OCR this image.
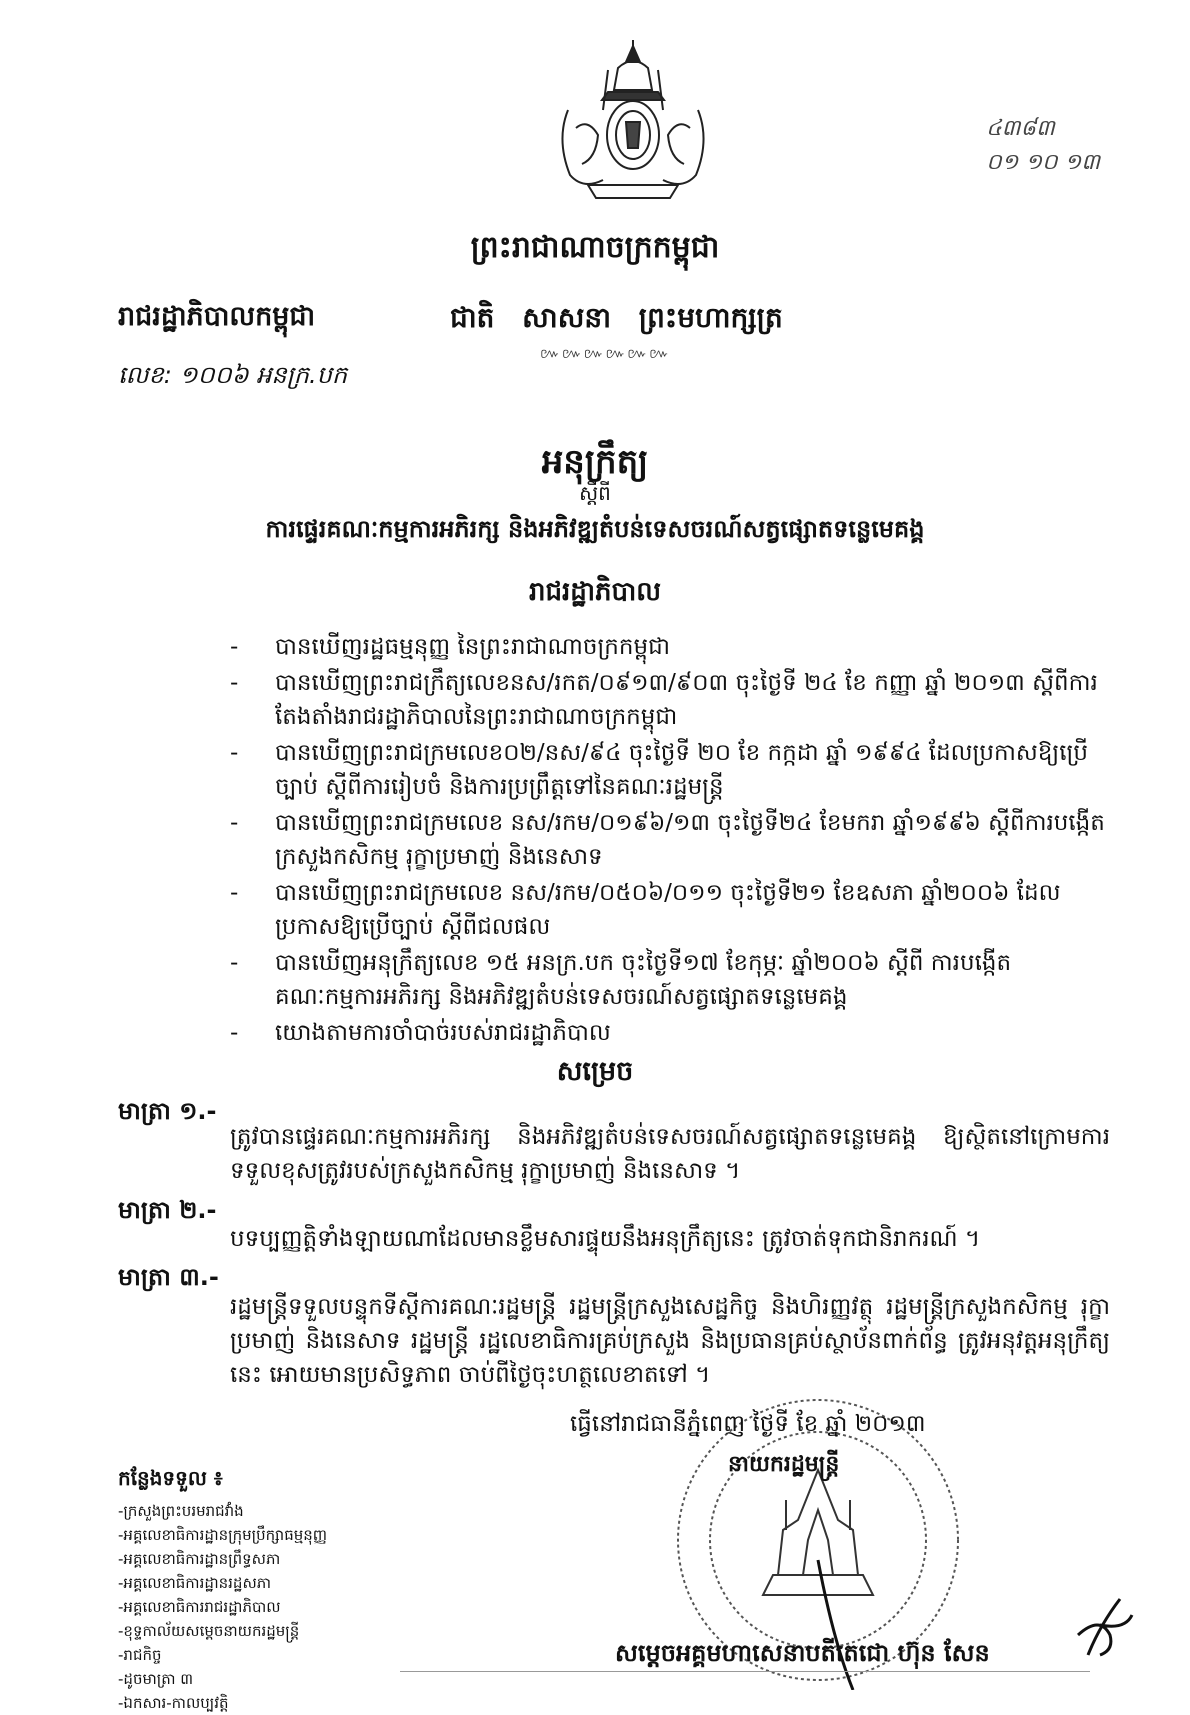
៤៣៨៣
០១ ១០ ១៣
ព្រះរាជាណាចក្រកម្ពុជា
រាជរដ្ឋាភិបាលកម្ពុជា	ជាតិ សាសនា ព្រះមហាក្សត្រ
៚៚៚៚៚៚
លេខ: ១០០៦ អនក្រ.បក
អនុក្រឹត្យ
ស្ដីពី
ការផ្ទេរគណៈកម្មការអភិរក្ស និងអភិវឌ្ឍតំបន់ទេសចរណ៍សត្វផ្សោតទន្លេមេគង្គ
រាជរដ្ឋាភិបាល
- បានឃើញរដ្ឋធម្មនុញ្ញ នៃព្រះរាជាណាចក្រកម្ពុជា
- បានឃើញព្រះរាជក្រឹត្យលេខនស/រកត/០៩១៣/៩០៣ ចុះថ្ងៃទី ២៤ ខែ កញ្ញា ឆ្នាំ ២០១៣ ស្ដីពីការតែងតាំងរាជរដ្ឋាភិបាលនៃព្រះរាជាណាចក្រកម្ពុជា
- បានឃើញព្រះរាជក្រមលេខ០២/នស/៩៤ ចុះថ្ងៃទី ២០ ខែ កក្កដា ឆ្នាំ ១៩៩៤ ដែលប្រកាសឱ្យប្រើច្បាប់ ស្ដីពីការរៀបចំ និងការប្រព្រឹត្តទៅនៃគណៈរដ្ឋមន្ត្រី
- បានឃើញព្រះរាជក្រមលេខ នស/រកម/០១៩៦/១៣ ចុះថ្ងៃទី២៤ ខែមករា ឆ្នាំ១៩៩៦ ស្ដីពីការបង្កើតក្រសួងកសិកម្ម រុក្ខាប្រមាញ់ និងនេសាទ
- បានឃើញព្រះរាជក្រមលេខ នស/រកម/០៥០៦/០១១ ចុះថ្ងៃទី២១ ខែឧសភា ឆ្នាំ២០០៦ ដែលប្រកាសឱ្យប្រើច្បាប់ ស្ដីពីជលផល
- បានឃើញអនុក្រឹត្យលេខ ១៥ អនក្រ.បក ចុះថ្ងៃទី១៧ ខែកុម្ភៈ ឆ្នាំ២០០៦ ស្ដីពី ការបង្កើតគណៈកម្មការអភិរក្ស និងអភិវឌ្ឍតំបន់ទេសចរណ៍សត្វផ្សោតទន្លេមេគង្គ
- យោងតាមការចាំបាច់របស់រាជរដ្ឋាភិបាល
សម្រេច
មាត្រា ១.-
ត្រូវបានផ្ទេរគណៈកម្មការអភិរក្ស និងអភិវឌ្ឍតំបន់ទេសចរណ៍សត្វផ្សោតទន្លេមេគង្គ ឱ្យស្ថិតនៅក្រោមការទទួលខុសត្រូវរបស់ក្រសួងកសិកម្ម រុក្ខាប្រមាញ់ និងនេសាទ ។
មាត្រា ២.-
បទប្បញ្ញត្តិទាំងឡាយណាដែលមានខ្លឹមសារផ្ទុយនឹងអនុក្រឹត្យនេះ ត្រូវចាត់ទុកជានិរាករណ៍ ។
មាត្រា ៣.-
រដ្ឋមន្ត្រីទទួលបន្ទុកទីស្ដីការគណៈរដ្ឋមន្ត្រី រដ្ឋមន្ត្រីក្រសួងសេដ្ឋកិច្ច និងហិរញ្ញវត្ថុ រដ្ឋមន្ត្រីក្រសួងកសិកម្ម រុក្ខាប្រមាញ់ និងនេសាទ រដ្ឋមន្ត្រី រដ្ឋលេខាធិការគ្រប់ក្រសួង និងប្រធានគ្រប់ស្ថាប័នពាក់ព័ន្ធ ត្រូវអនុវត្តអនុក្រឹត្យនេះ អោយមានប្រសិទ្ធភាព ចាប់ពីថ្ងៃចុះហត្ថលេខាតទៅ ។
នាយករដ្ឋមន្ត្រី
ធ្វើនៅរាជធានីភ្នំពេញ ថ្ងៃទី ខែ ឆ្នាំ ២០១៣
កន្លែងទទួល ៖
- ក្រសួងព្រះបរមរាជវាំង
- អគ្គលេខាធិការដ្ឋានក្រុមប្រឹក្សាធម្មនុញ្ញ
- អគ្គលេខាធិការដ្ឋានព្រឹទ្ធសភា
- អគ្គលេខាធិការដ្ឋានរដ្ឋសភា
- អគ្គលេខាធិការរាជរដ្ឋាភិបាល
- ខុទ្ទកាល័យសម្ដេចនាយករដ្ឋមន្ត្រី
- រាជកិច្ច
- ដូចមាត្រា ៣
- ឯកសារ-កាលប្បវត្តិ
សម្ដេចអគ្គមហាសេនាបតីតេជោ ហ៊ុន សែន
